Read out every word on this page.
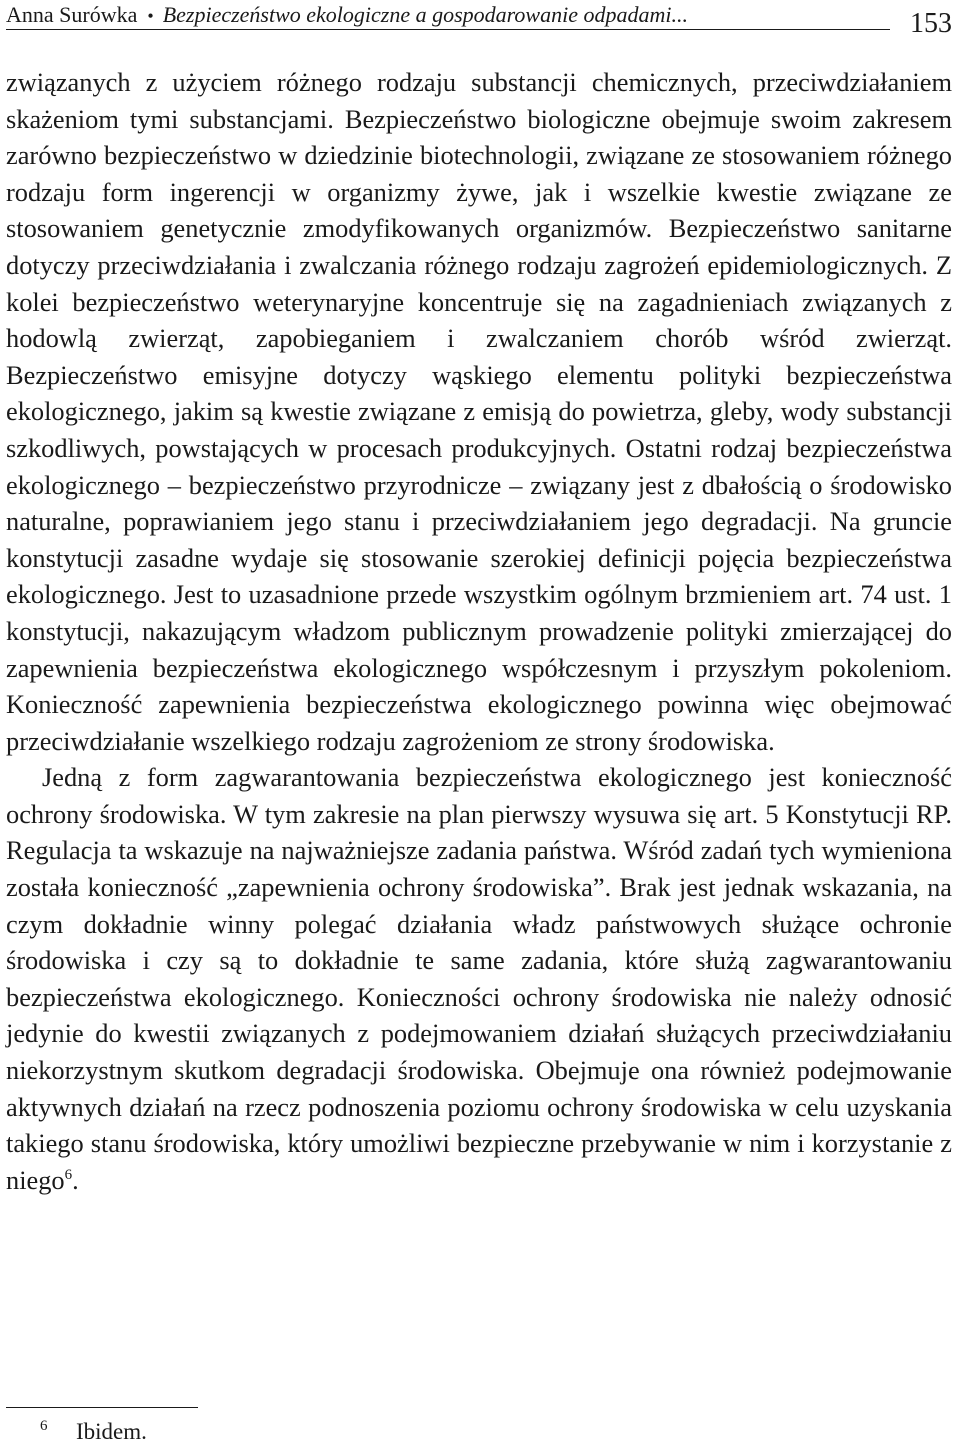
Anna Surówka • Bezpieczeństwo ekologiczne a gospodarowanie odpadami...	153

związanych z użyciem różnego rodzaju substancji chemicznych, przeciwdziałaniem skażeniom tymi substancjami. Bezpieczeństwo biologiczne obejmuje swoim zakresem zarówno bezpieczeństwo w dziedzinie biotechnologii, związane ze stosowaniem różnego rodzaju form ingerencji w organizmy żywe, jak i wszelkie kwestie związane ze stosowaniem genetycznie zmodyfikowanych organizmów. Bezpieczeństwo sanitarne dotyczy przeciwdziałania i zwalczania różnego rodzaju zagrożeń epidemiologicznych. Z kolei bezpieczeństwo weterynaryjne koncentruje się na zagadnieniach związanych z hodowlą zwierząt, zapobieganiem i zwalczaniem chorób wśród zwierząt. Bezpieczeństwo emisyjne dotyczy wąskiego elementu polityki bezpieczeństwa ekologicznego, jakim są kwestie związane z emisją do powietrza, gleby, wody substancji szkodliwych, powstających w procesach produkcyjnych. Ostatni rodzaj bezpieczeństwa ekologicznego – bezpieczeństwo przyrodnicze – związany jest z dbałością o środowisko naturalne, poprawianiem jego stanu i przeciwdziałaniem jego degradacji. Na gruncie konstytucji zasadne wydaje się stosowanie szerokiej definicji pojęcia bezpieczeństwa ekologicznego. Jest to uzasadnione przede wszystkim ogólnym brzmieniem art. 74 ust. 1 konstytucji, nakazującym władzom publicznym prowadzenie polityki zmierzającej do zapewnienia bezpieczeństwa ekologicznego współczesnym i przyszłym pokoleniom. Konieczność zapewnienia bezpieczeństwa ekologicznego powinna więc obejmować przeciwdziałanie wszelkiego rodzaju zagrożeniom ze strony środowiska.

Jedną z form zagwarantowania bezpieczeństwa ekologicznego jest konieczność ochrony środowiska. W tym zakresie na plan pierwszy wysuwa się art. 5 Konstytucji RP. Regulacja ta wskazuje na najważniejsze zadania państwa. Wśród zadań tych wymieniona została konieczność „zapewnienia ochrony środowiska”. Brak jest jednak wskazania, na czym dokładnie winny polegać działania władz państwowych służące ochronie środowiska i czy są to dokładnie te same zadania, które służą zagwarantowaniu bezpieczeństwa ekologicznego. Konieczności ochrony środowiska nie należy odnosić jedynie do kwestii związanych z podejmowaniem działań służących przeciwdziałaniu niekorzystnym skutkom degradacji środowiska. Obejmuje ona również podejmowanie aktywnych działań na rzecz podnoszenia poziomu ochrony środowiska w celu uzyskania takiego stanu środowiska, który umożliwi bezpieczne przebywanie w nim i korzystanie z niego$^6$.

6 Ibidem.
